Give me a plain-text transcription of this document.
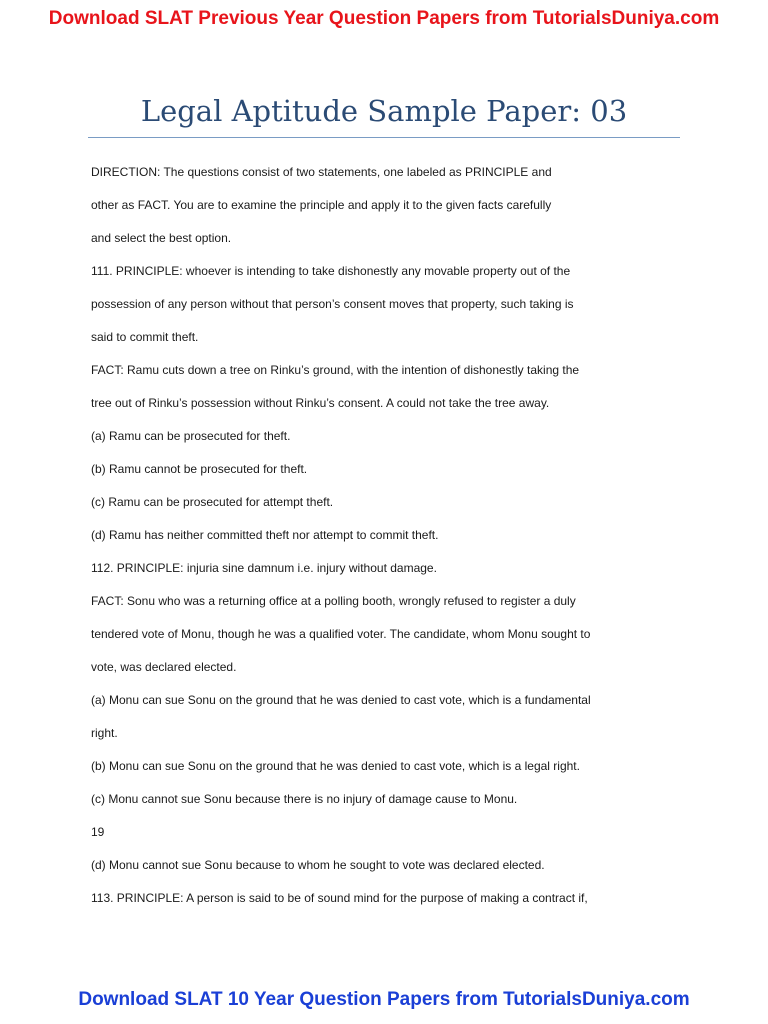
Download SLAT Previous Year Question Papers from TutorialsDuniya.com
Legal Aptitude Sample Paper: 03
DIRECTION: The questions consist of two statements, one labeled as PRINCIPLE and
other as FACT. You are to examine the principle and apply it to the given facts carefully
and select the best option.
111. PRINCIPLE: whoever is intending to take dishonestly any movable property out of the
possession of any person without that person’s consent moves that property, such taking is
said to commit theft.
FACT: Ramu cuts down a tree on Rinku’s ground, with the intention of dishonestly taking the
tree out of Rinku’s possession without Rinku’s consent. A could not take the tree away.
(a) Ramu can be prosecuted for theft.
(b) Ramu cannot be prosecuted for theft.
(c) Ramu can be prosecuted for attempt theft.
(d) Ramu has neither committed theft nor attempt to commit theft.
112. PRINCIPLE: injuria sine damnum i.e. injury without damage.
FACT: Sonu who was a returning office at a polling booth, wrongly refused to register a duly
tendered vote of Monu, though he was a qualified voter. The candidate, whom Monu sought to
vote, was declared elected.
(a) Monu can sue Sonu on the ground that he was denied to cast vote, which is a fundamental
right.
(b) Monu can sue Sonu on the ground that he was denied to cast vote, which is a legal right.
(c) Monu cannot sue Sonu because there is no injury of damage cause to Monu.
19
(d) Monu cannot sue Sonu because to whom he sought to vote was declared elected.
113. PRINCIPLE: A person is said to be of sound mind for the purpose of making a contract if,
Download SLAT 10 Year Question Papers from TutorialsDuniya.com
